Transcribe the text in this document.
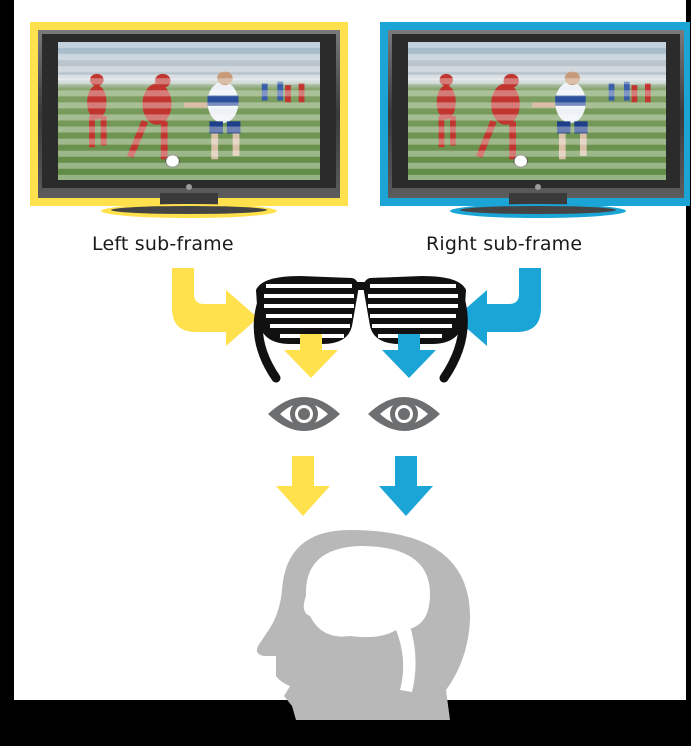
Left sub-frame	Right sub-frame
